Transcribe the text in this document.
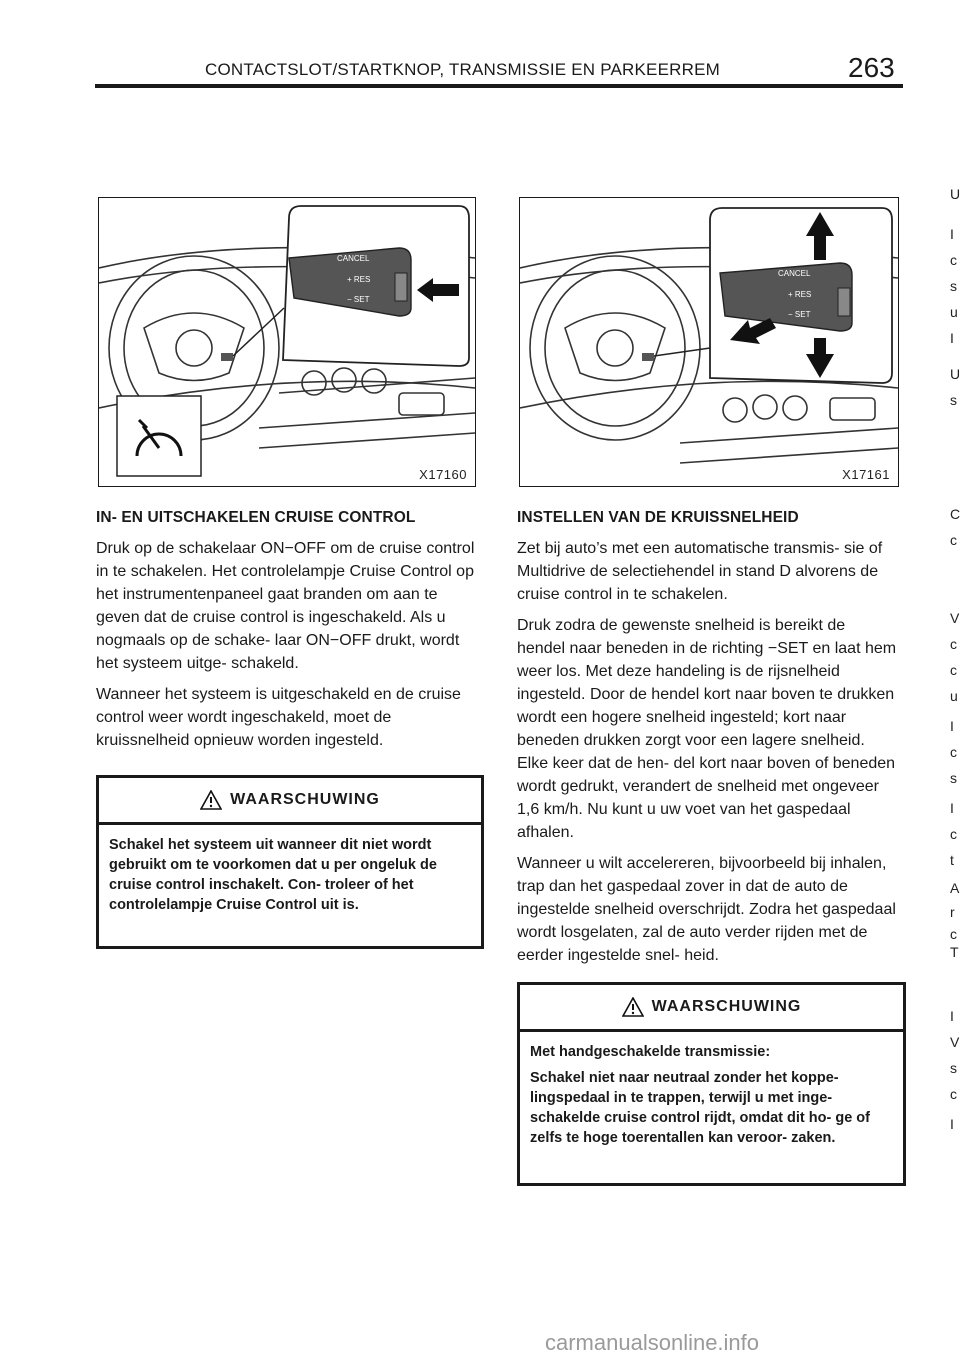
CONTACTSLOT/STARTKNOP, TRANSMISSIE EN PARKEERREM	263
CANCEL
+ RES
− SET
X17160
CANCEL
+ RES
− SET
X17161
IN‑ EN UITSCHAKELEN CRUISE CONTROL

Druk op de schakelaar ON−OFF om de cruise control in te schakelen. Het controlelampje Cruise Control op het instrumentenpaneel gaat branden om aan te geven dat de cruise control is ingeschakeld. Als u nogmaals op de schake‑ laar ON−OFF drukt, wordt het systeem uitge‑ schakeld.

Wanneer het systeem is uitgeschakeld en de cruise control weer wordt ingeschakeld, moet de kruissnelheid opnieuw worden ingesteld.

WAARSCHUWING

Schakel het systeem uit wanneer dit niet wordt gebruikt om te voorkomen dat u per ongeluk de cruise control inschakelt. Con‑ troleer of het controlelampje Cruise Control uit is.

INSTELLEN VAN DE KRUISSNELHEID

Zet bij auto’s met een automatische transmis‑ sie of Multidrive de selectiehendel in stand D alvorens de cruise control in te schakelen.

Druk zodra de gewenste snelheid is bereikt de hendel naar beneden in de richting −SET en laat hem weer los. Met deze handeling is de rijsnelheid ingesteld. Door de hendel kort naar boven te drukken wordt een hogere snelheid ingesteld; kort naar beneden drukken zorgt voor een lagere snelheid. Elke keer dat de hen‑ del kort naar boven of beneden wordt gedrukt, verandert de snelheid met ongeveer 1,6 km/h. Nu kunt u uw voet van het gaspedaal afhalen.

Wanneer u wilt accelereren, bijvoorbeeld bij inhalen, trap dan het gaspedaal zover in dat de auto de ingestelde snelheid overschrijdt. Zodra het gaspedaal wordt losgelaten, zal de auto verder rijden met de eerder ingestelde snel‑ heid.

WAARSCHUWING

Met handgeschakelde transmissie:

Schakel niet naar neutraal zonder het koppe‑ lingspedaal in te trappen, terwijl u met inge‑ schakelde cruise control rijdt, omdat dit ho‑ ge of zelfs te hoge toerentallen kan veroor‑ zaken.

U
I
c
s
u
I
U
s
C
c
V
c
c
u
I
c
s
I
c
t
A
r
c
T
I
V
s
c
I
carmanualsonline.info
